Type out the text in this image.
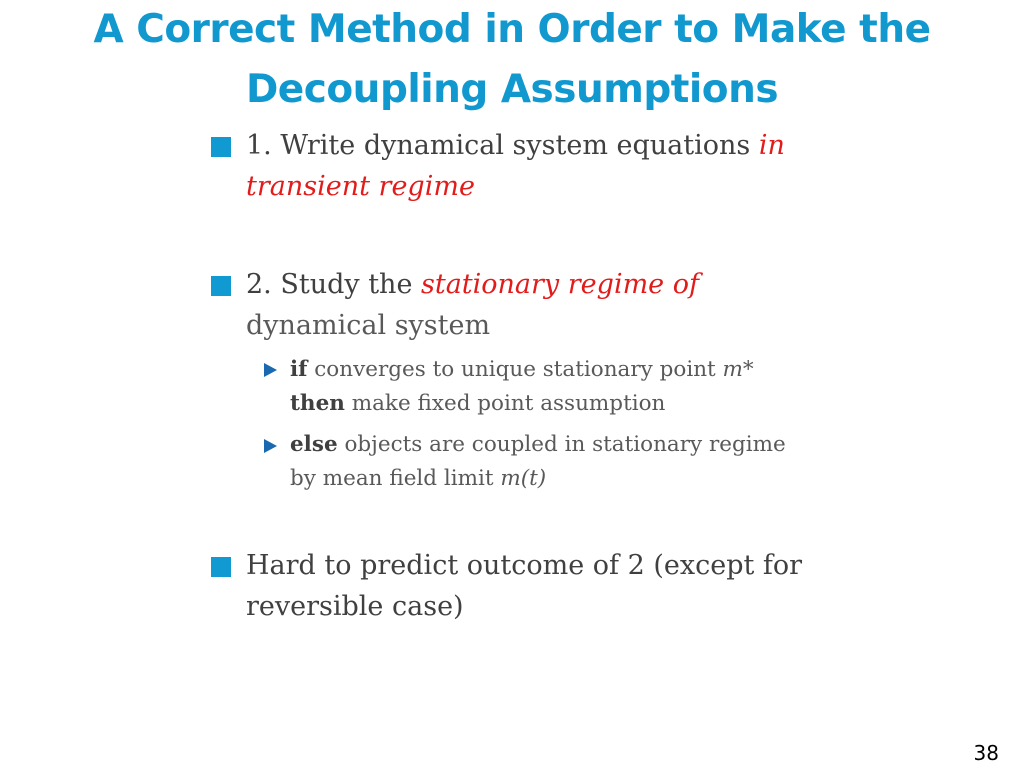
A Correct Method in Order to Make the
Decoupling Assumptions
1. Write dynamical system equations in
transient regime
2. Study the stationary regime of
dynamical system
if converges to unique stationary point m*
then make fixed point assumption
else objects are coupled in stationary regime
by mean field limit m(t)
Hard to predict outcome of 2 (except for
reversible case)
38
